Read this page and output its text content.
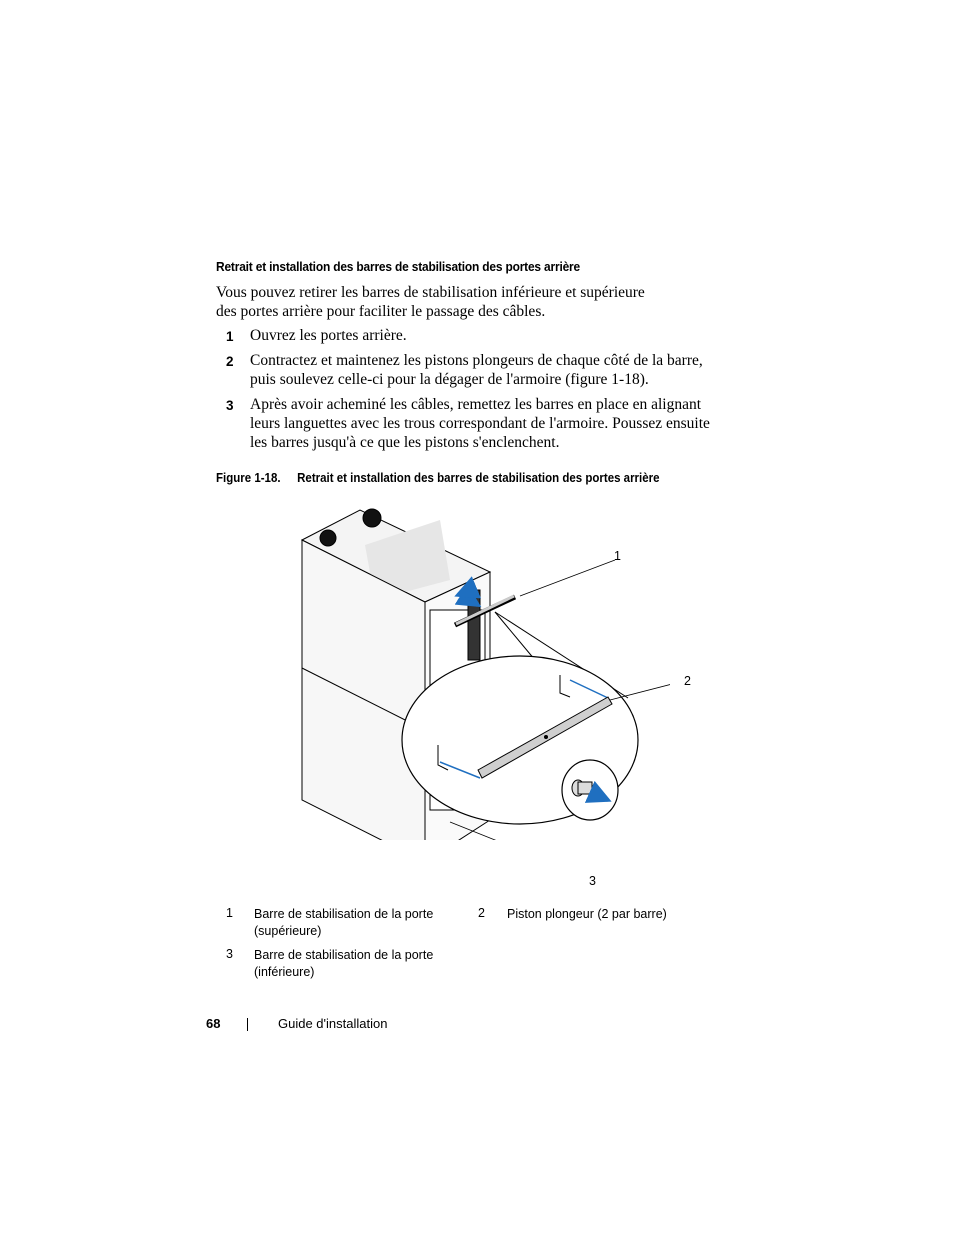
Retrait et installation des barres de stabilisation des portes arrière

Vous pouvez retirer les barres de stabilisation inférieure et supérieure

des portes arrière pour faciliter le passage des câbles.

1 Ouvrez les portes arrière.
2 Contractez et maintenez les pistons plongeurs de chaque côté de la barre,
puis soulevez celle-ci pour la dégager de l'armoire (figure 1-18).
3 Après avoir acheminé les câbles, remettez les barres en place en alignant
leurs languettes avec les trous correspondant de l'armoire. Poussez ensuite
les barres jusqu'à ce que les pistons s'enclenchent.
Figure 1-18. Retrait et installation des barres de stabilisation des portes arrière
1
2
3
1 Barre de stabilisation de la porte
(supérieure)
2 Piston plongeur (2 par barre)
3 Barre de stabilisation de la porte
(inférieure)
68	Guide d'installation
